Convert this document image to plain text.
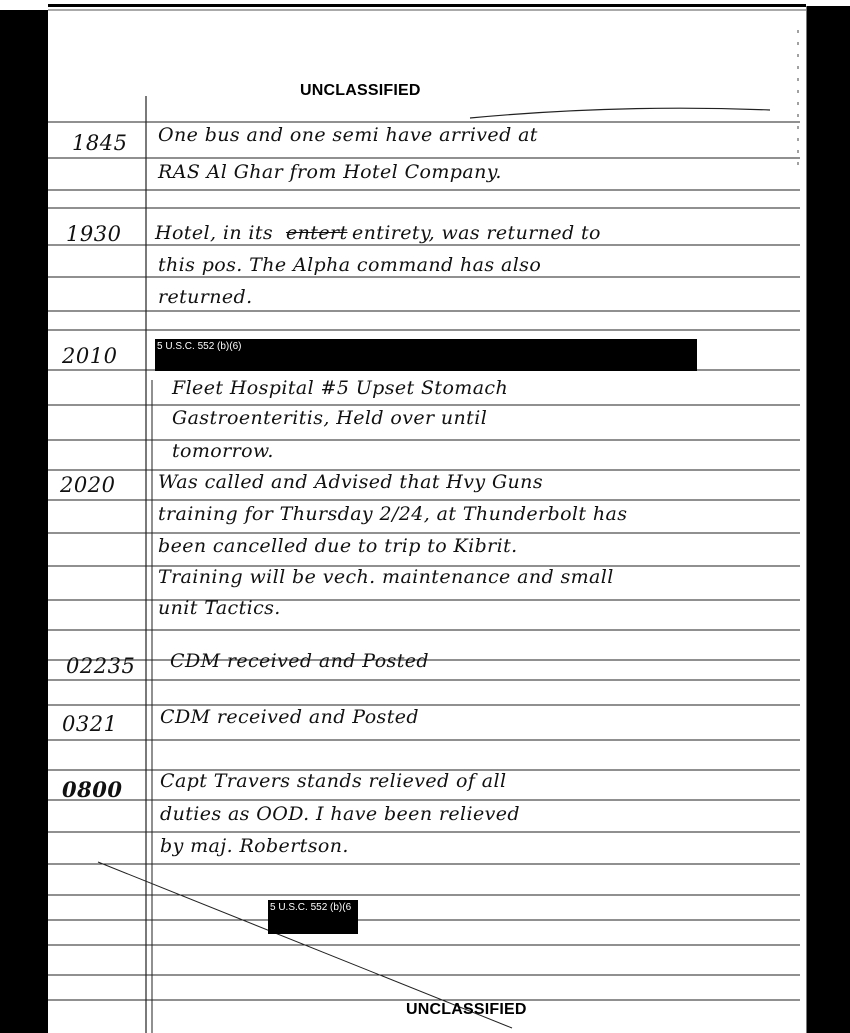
UNCLASSIFIED
1845 One bus and one semi have arrived at
RAS Al Ghar from Hotel Company.
1930 Hotel, in its entert entirety, was returned to
this pos. The Alpha command has also
returned.
2010	5 U.S.C. 552 (b)(6)
Fleet Hospital #5 Upset Stomach
Gastroenteritis, Held over until
tomorrow.
2020 Was called and Advised that Hvy Guns
training for Thursday 2/24, at Thunderbolt has
been cancelled due to trip to Kibrit.
Training will be vech. maintenance and small
unit Tactics.
02235 CDM received and Posted
0321 CDM received and Posted
0800 Capt Travers stands relieved of all
duties as OOD. I have been relieved
by maj. Robertson.
5 U.S.C. 552 (b)(6
UNCLASSIFIED
